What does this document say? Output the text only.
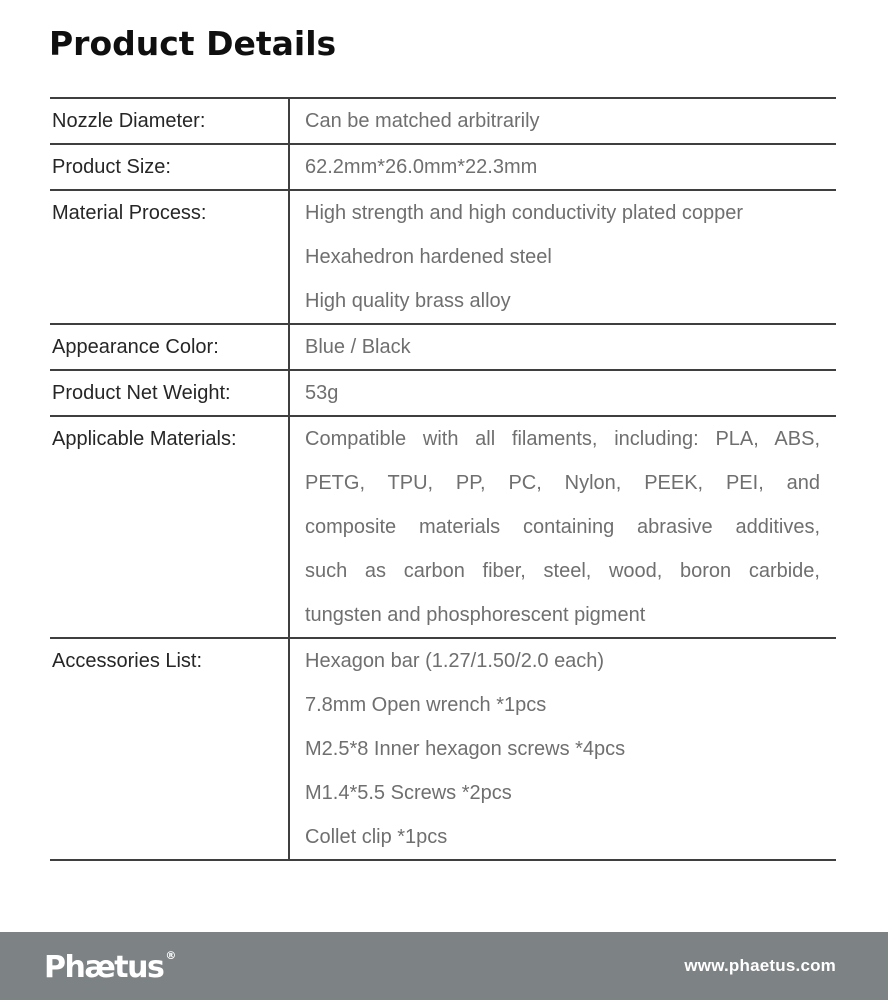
Product Details
Nozzle Diameter:	Can be matched arbitrarily
Product Size:	62.2mm*26.0mm*22.3mm
Material Process:	High strength and high conductivity plated copper
Hexahedron hardened steel
High quality brass alloy
Appearance Color:	Blue / Black
Product Net Weight:	53g
Applicable Materials:	Compatible with all filaments, including: PLA, ABS,
PETG, TPU, PP, PC, Nylon, PEEK, PEI, and
composite materials containing abrasive additives,
such as carbon fiber, steel, wood, boron carbide,
tungsten and phosphorescent pigment
Accessories List:	Hexagon bar (1.27/1.50/2.0 each)
7.8mm Open wrench *1pcs
M2.5*8 Inner hexagon screws *4pcs
M1.4*5.5 Screws *2pcs
Collet clip *1pcs
Phætus ®
www.phaetus.com
